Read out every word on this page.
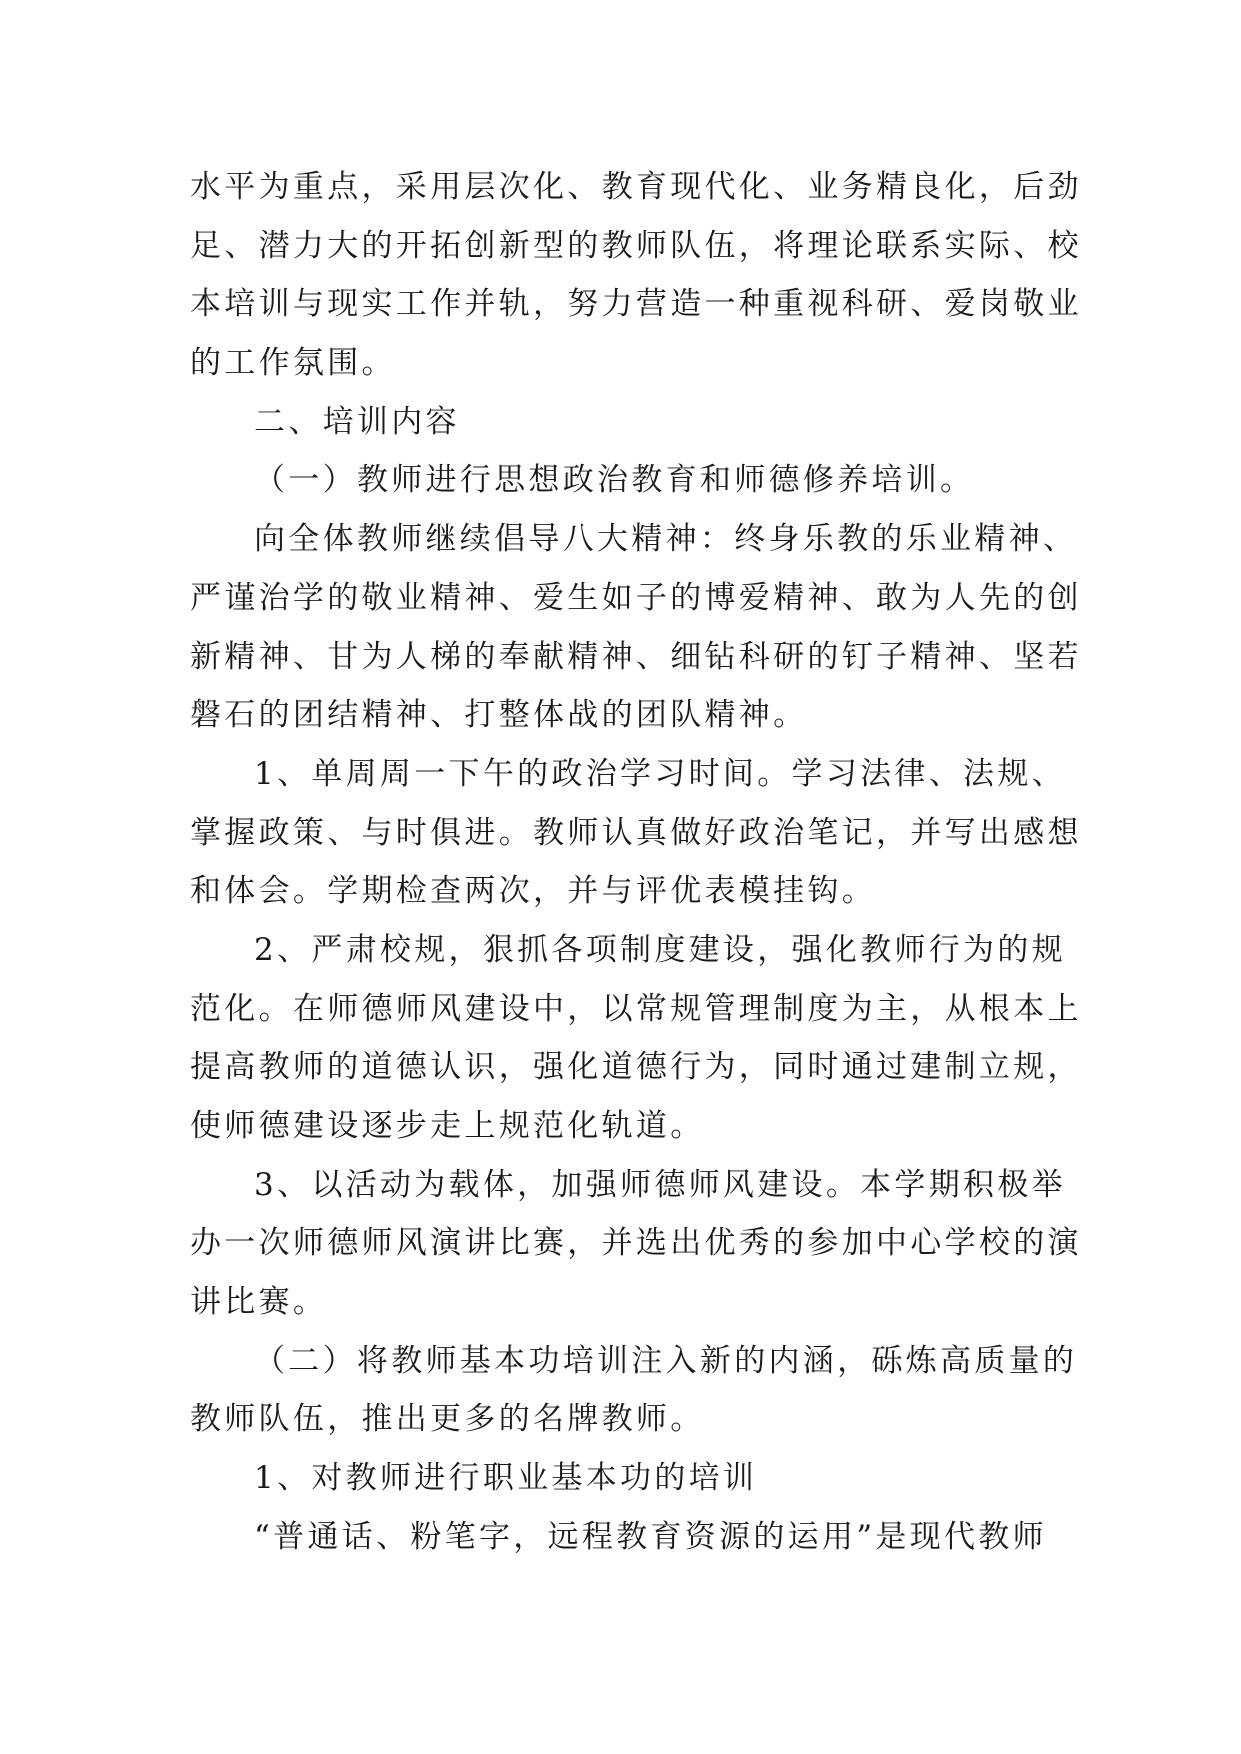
水平为重点，采用层次化、教育现代化、业务精良化，后劲
足、潜力大的开拓创新型的教师队伍，将理论联系实际、校
本培训与现实工作并轨，努力营造一种重视科研、爱岗敬业
的工作氛围。
二、培训内容
（一）教师进行思想政治教育和师德修养培训。
向全体教师继续倡导八大精神：终身乐教的乐业精神、
严谨治学的敬业精神、爱生如子的博爱精神、敢为人先的创
新精神、甘为人梯的奉献精神、细钻科研的钉子精神、坚若
磐石的团结精神、打整体战的团队精神。
1、单周周一下午的政治学习时间。学习法律、法规、
掌握政策、与时俱进。教师认真做好政治笔记，并写出感想
和体会。学期检查两次，并与评优表模挂钩。
2、严肃校规，狠抓各项制度建设，强化教师行为的规
范化。在师德师风建设中，以常规管理制度为主，从根本上
提高教师的道德认识，强化道德行为，同时通过建制立规，
使师德建设逐步走上规范化轨道。
3、以活动为载体，加强师德师风建设。本学期积极举
办一次师德师风演讲比赛，并选出优秀的参加中心学校的演
讲比赛。
（二）将教师基本功培训注入新的内涵，砾炼高质量的
教师队伍，推出更多的名牌教师。
1、对教师进行职业基本功的培训
“普通话、粉笔字，远程教育资源的运用”是现代教师
